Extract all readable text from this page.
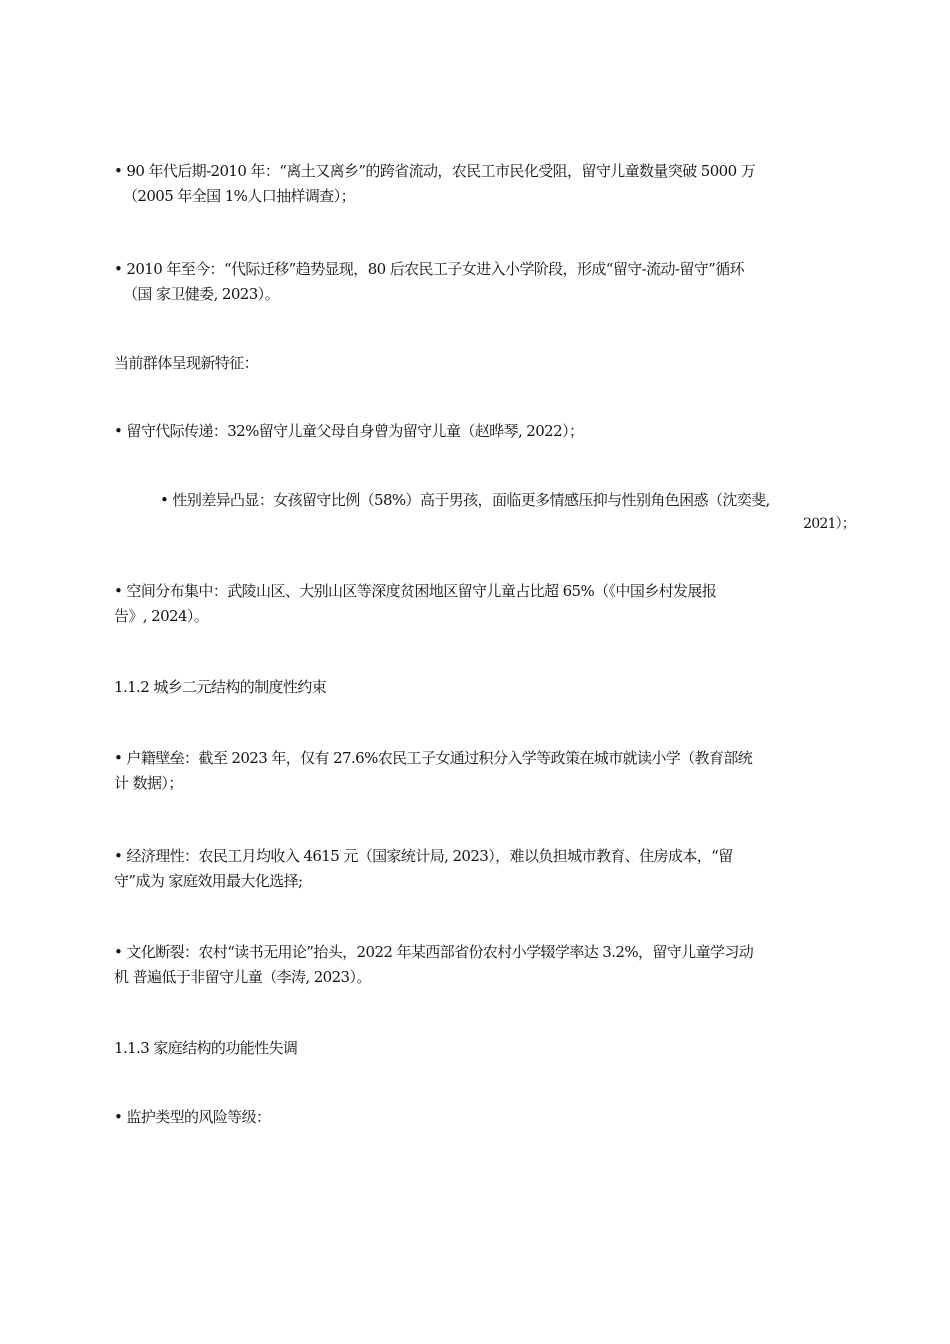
• 90 年代后期-2010 年：“离土又离乡”的跨省流动，农民工市民化受阻，留守儿童数量突破 5000 万
（2005 年全国 1%人口抽样调查）；
• 2010 年至今：“代际迁移”趋势显现，80 后农民工子女进入小学阶段，形成“留守-流动-留守”循环
（国 家卫健委, 2023）。
当前群体呈现新特征：
• 留守代际传递：32%留守儿童父母自身曾为留守儿童（赵晔琴, 2022）；
• 性别差异凸显：女孩留守比例（58%）高于男孩，面临更多情感压抑与性别角色困惑（沈奕斐,
2021）；
• 空间分布集中：武陵山区、大别山区等深度贫困地区留守儿童占比超 65%（《中国乡村发展报
告》, 2024）。
1.1.2 城乡二元结构的制度性约束
• 户籍壁垒：截至 2023 年，仅有 27.6%农民工子女通过积分入学等政策在城市就读小学（教育部统
计 数据）；
• 经济理性：农民工月均收入 4615 元（国家统计局, 2023），难以负担城市教育、住房成本，“留
守”成为 家庭效用最大化选择;
• 文化断裂：农村“读书无用论”抬头，2022 年某西部省份农村小学辍学率达 3.2%，留守儿童学习动
机 普遍低于非留守儿童（李涛, 2023）。
1.1.3 家庭结构的功能性失调
• 监护类型的风险等级：
